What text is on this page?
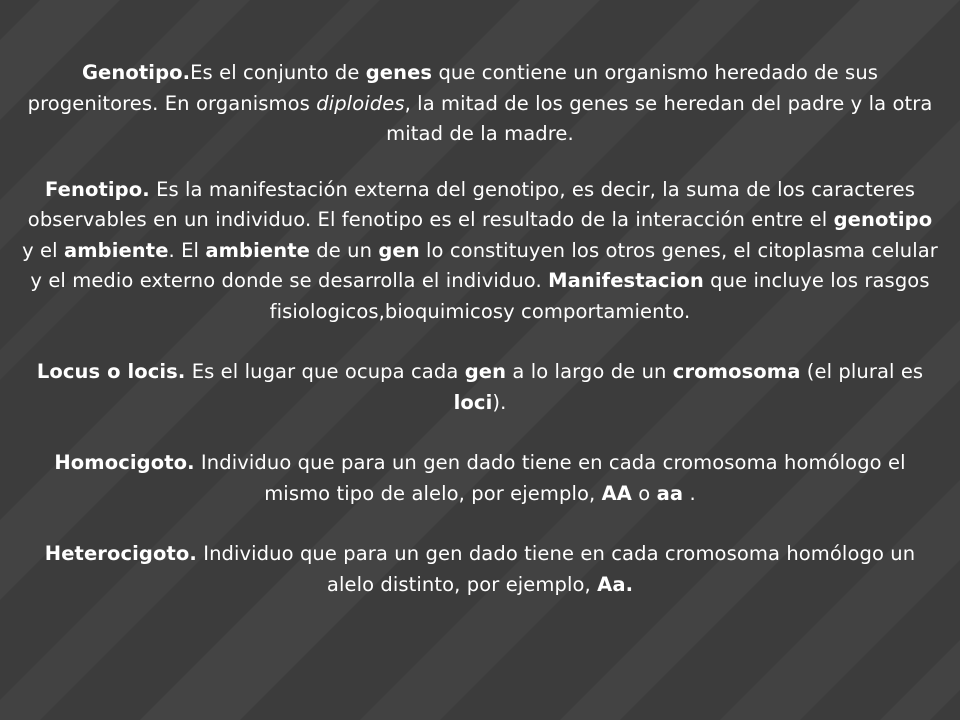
Genotipo.Es el conjunto de genes que contiene un organismo heredado de sus progenitores. En organismos diploides, la mitad de los genes se heredan del padre y la otra mitad de la madre.

Fenotipo. Es la manifestación externa del genotipo, es decir, la suma de los caracteres observables en un individuo. El fenotipo es el resultado de la interacción entre el genotipo y el ambiente. El ambiente de un gen lo constituyen los otros genes, el citoplasma celular y el medio externo donde se desarrolla el individuo. Manifestacion que incluye los rasgos fisiologicos,bioquimicosy comportamiento.

Locus o locis. Es el lugar que ocupa cada gen a lo largo de un cromosoma (el plural es loci).

Homocigoto. Individuo que para un gen dado tiene en cada cromosoma homólogo el mismo tipo de alelo, por ejemplo, AA o aa .

Heterocigoto. Individuo que para un gen dado tiene en cada cromosoma homólogo un alelo distinto, por ejemplo, Aa.
